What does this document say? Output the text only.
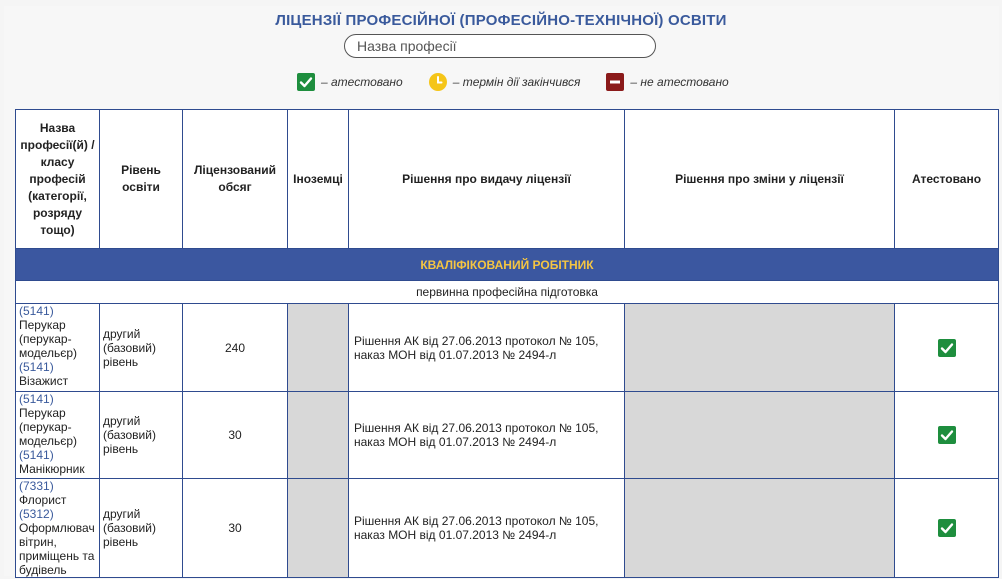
ЛІЦЕНЗІЇ ПРОФЕСІЙНОЇ (ПРОФЕСІЙНО-ТЕХНІЧНОЇ) ОСВІТИ
Назва професії
– атестовано	– термін дії закінчився	– не атестовано
Назва професії(й) / класу професій (категорії, розряду тощо)	Рівень освіти	Ліцензований обсяг	Іноземці	Рішення про видачу ліцензії	Рішення про зміни у ліцензії	Атестовано
КВАЛІФІКОВАНИЙ РОБІТНИК						
первинна професійна підготовка						
(5141)
Перукар (перукар-модельєр)
(5141)
Візажист	другий (базовий) рівень	240		Рішення АК від 27.06.2013 протокол № 105, наказ МОН від 01.07.2013 № 2494-л		
(5141)
Перукар (перукар-модельєр)
(5141)
Манікюрник	другий (базовий) рівень	30		Рішення АК від 27.06.2013 протокол № 105, наказ МОН від 01.07.2013 № 2494-л		
(7331)
Флорист
(5312)
Оформлювач вітрин, приміщень та будівель	другий (базовий) рівень	30		Рішення АК від 27.06.2013 протокол № 105, наказ МОН від 01.07.2013 № 2494-л		
